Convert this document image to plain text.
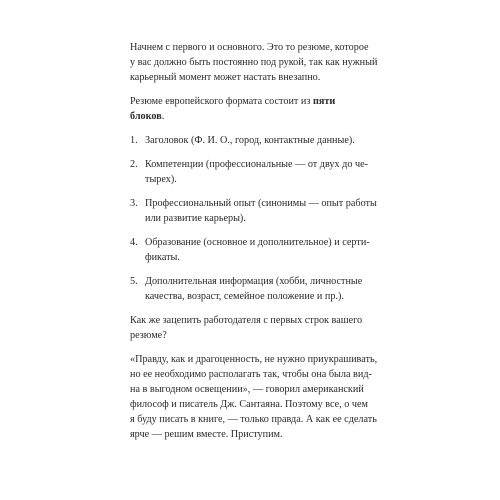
Начнем с первого и основного. Это то резюме, которое
у вас должно быть постоянно под рукой, так как нужный
карьерный момент может настать внезапно.

Резюме европейского формата состоит из пяти блоков.

1. Заголовок (Ф. И. О., город, контактные данные).
2. Компетенции (профессиональные — от двух до че-
тырех).
3. Профессиональный опыт (синонимы — опыт работы
или развитие карьеры).
4. Образование (основное и дополнительное) и серти-
фикаты.
5. Дополнительная информация (хобби, личностные
качества, возраст, семейное положение и пр.).

Как же зацепить работодателя с первых строк вашего
резюме?

«Правду, как и драгоценность, не нужно приукрашивать,
но ее необходимо располагать так, чтобы она была вид-
на в выгодном освещении», — говорил американский
философ и писатель Дж. Сантаяна. Поэтому все, о чем
я буду писать в книге, — только правда. А как ее сделать
ярче — решим вместе. Приступим.
